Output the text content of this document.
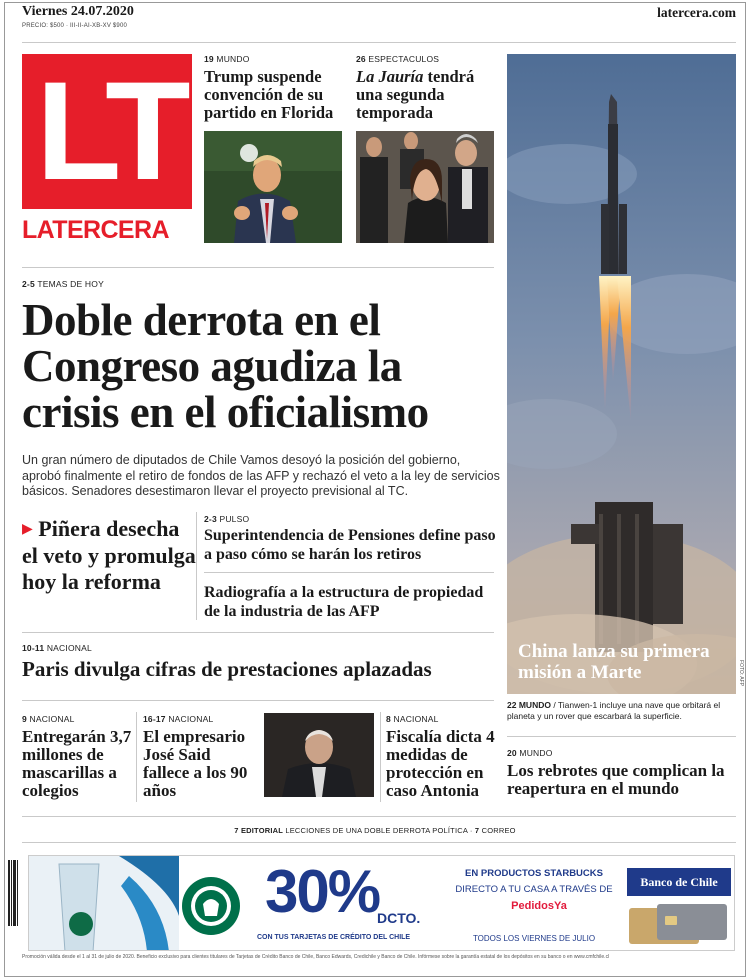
Viernes 24.07.2020
PRECIO: $500 · III-II-AI-XB-XV $900
latercera.com
LT
LATERCERA
19 MUNDO
Trump suspende convención de su partido en Florida
26 ESPECTACULOS
La Jauría tendrá una segunda temporada
China lanza su primera misión a Marte	FOTO: AFP
22 MUNDO / Tianwen-1 incluye una nave que orbitará el planeta y un rover que escarbará la superficie.
2-5 TEMAS DE HOY
Doble derrota en el Congreso agudiza la crisis en el oficialismo
Un gran número de diputados de Chile Vamos desoyó la posición del gobierno, aprobó finalmente el retiro de fondos de las AFP y rechazó el veto a la ley de servicios básicos. Senadores desestimaron llevar el proyecto previsional al TC.
▶ Piñera desecha el veto y promulga hoy la reforma
2-3 PULSO
Superintendencia de Pensiones define paso a paso cómo se harán los retiros
Radiografía a la estructura de propiedad de la industria de las AFP
10-11 NACIONAL
Paris divulga cifras de prestaciones aplazadas
9 NACIONAL
Entregarán 3,7 millones de mascarillas a colegios
16-17 NACIONAL
El empresario José Said fallece a los 90 años
8 NACIONAL
Fiscalía dicta 4 medidas de protección en caso Antonia
20 MUNDO
Los rebrotes que complican la reapertura en el mundo
7 EDITORIAL LECCIONES DE UNA DOBLE DERROTA POLÍTICA · 7 CORREO
30%
DCTO.
CON TUS TARJETAS DE CRÉDITO DEL CHILE
EN PRODUCTOS STARBUCKS
DIRECTO A TU CASA A TRAVÉS DE
PedidosYa
TODOS LOS VIERNES DE JULIO
Banco de Chile
Promoción válida desde el 1 al 31 de julio de 2020. Beneficio exclusivo para clientes titulares de Tarjetas de Crédito Banco de Chile, Banco Edwards, Credichile y Banco de Chile. Infórmese sobre la garantía estatal de los depósitos en su banco o en www.cmfchile.cl
